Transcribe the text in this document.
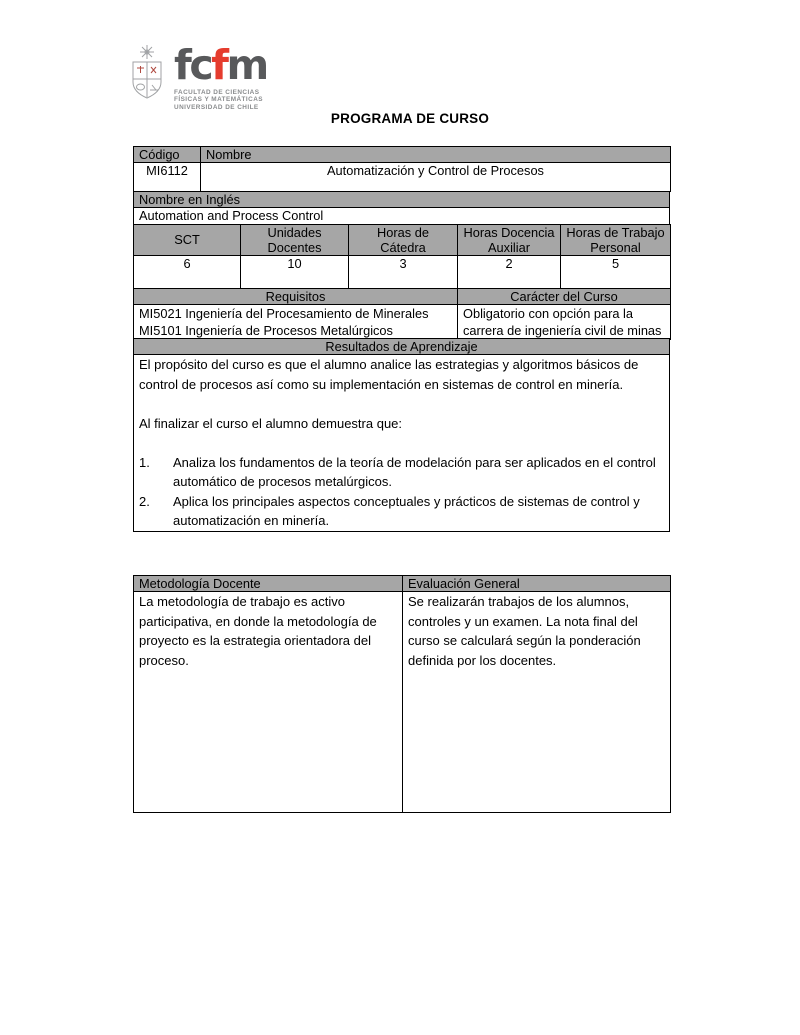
fcfm
FACULTAD DE CIENCIAS
FÍSICAS Y MATEMÁTICAS
UNIVERSIDAD DE CHILE
PROGRAMA DE CURSO
Código	Nombre
MI6112	Automatización y Control de Procesos
Nombre en Inglés
Automation and Process Control
SCT	Unidades Docentes	Horas de Cátedra	Horas Docencia Auxiliar	Horas de Trabajo Personal
6	10	3	2	5
Requisitos	Carácter del Curso

MI5021 Ingeniería del Procesamiento de Minerales
MI5101 Ingeniería de Procesos Metalúrgicos	Obligatorio con opción para la carrera de ingeniería civil de minas
Resultados de Aprendizaje

El propósito del curso es que el alumno analice las estrategias y algoritmos básicos de control de procesos así como su implementación en sistemas de control en minería.

Al finalizar el curso el alumno demuestra que:

1.	Analiza los fundamentos de la teoría de modelación para ser aplicados en el control automático de procesos metalúrgicos.
2.	Aplica los principales aspectos conceptuales y prácticos de sistemas de control y automatización en minería.
Metodología Docente	Evaluación General
La metodología de trabajo es activo participativa, en donde la metodología de proyecto es la estrategia orientadora del proceso.	Se realizarán trabajos de los alumnos, controles y un examen. La nota final del curso se calculará según la ponderación definida por los docentes.
